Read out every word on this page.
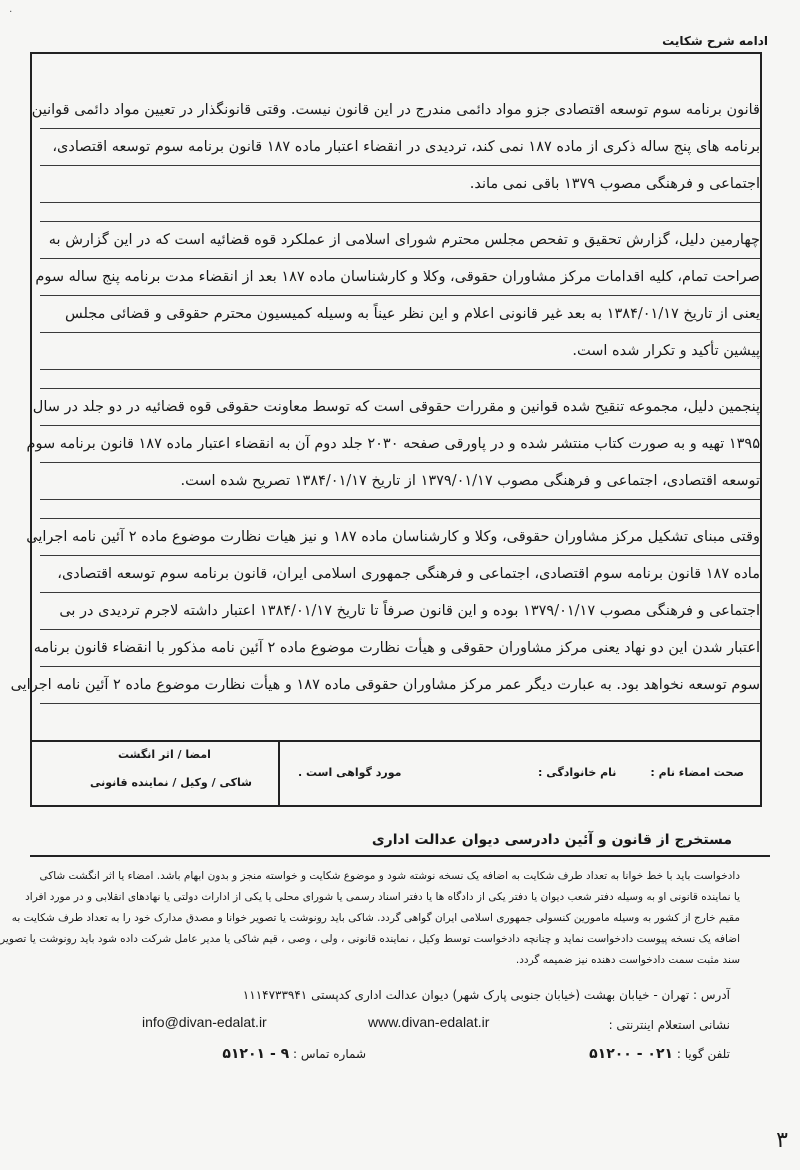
۰
ادامه شرح شکایت
قانون برنامه سوم توسعه اقتصادی جزو مواد دائمی مندرج در این قانون نیست. وقتی قانونگذار در تعیین مواد دائمی قوانین
برنامه های پنج ساله ذکری از ماده ۱۸۷ نمی کند، تردیدی در انقضاء اعتبار ماده ۱۸۷ قانون برنامه سوم توسعه اقتصادی،
اجتماعی و فرهنگی مصوب ۱۳۷۹ باقی نمی ماند.
چهارمین دلیل، گزارش تحقیق و تفحص مجلس محترم شورای اسلامی از عملکرد قوه قضائیه است که در این گزارش به
صراحت تمام، کلیه اقدامات مرکز مشاوران حقوقی، وکلا و کارشناسان ماده ۱۸۷ بعد از انقضاء مدت برنامه پنج ساله سوم
یعنی از تاریخ ۱۳۸۴/۰۱/۱۷ به بعد غیر قانونی اعلام و این نظر عیناً به وسیله کمیسیون محترم حقوقی و قضائی مجلس
پیشین تأکید و تکرار شده است.
پنجمین دلیل، مجموعه تنقیح شده قوانین و مقررات حقوقی است که توسط معاونت حقوقی قوه قضائیه در دو جلد در سال
۱۳۹۵ تهیه و به صورت کتاب منتشر شده و در پاورقی صفحه ۲۰۳۰ جلد دوم آن به انقضاء اعتبار ماده ۱۸۷ قانون برنامه سوم
توسعه اقتصادی، اجتماعی و فرهنگی مصوب ۱۳۷۹/۰۱/۱۷ از تاریخ ۱۳۸۴/۰۱/۱۷ تصریح شده است.
وقتی مبنای تشکیل مرکز مشاوران حقوقی، وکلا و کارشناسان ماده ۱۸۷ و نیز هیات نظارت موضوع ماده ۲ آئین نامه اجرایی
ماده ۱۸۷ قانون برنامه سوم اقتصادی، اجتماعی و فرهنگی جمهوری اسلامی ایران، قانون برنامه سوم توسعه اقتصادی،
اجتماعی و فرهنگی مصوب ۱۳۷۹/۰۱/۱۷ بوده و این قانون صرفاً تا تاریخ ۱۳۸۴/۰۱/۱۷ اعتبار داشته لاجرم تردیدی در بی
اعتبار شدن این دو نهاد یعنی مرکز مشاوران حقوقی و هیأت نظارت موضوع ماده ۲ آئین نامه مذکور با انقضاء قانون برنامه
سوم توسعه نخواهد بود. به عبارت دیگر عمر مرکز مشاوران حقوقی ماده ۱۸۷ و هیأت نظارت موضوع ماده ۲ آئین نامه اجرایی
امضا / اثر انگشت
شاکی / وکیل / نماینده قانونی
مورد گواهی است .	نام خانوادگی :	صحت امضاء نام :
مستخرج از قانون و آئین دادرسی دیوان عدالت اداری
دادخواست باید با خط خوانا به تعداد طرف شکایت به اضافه یک نسخه نوشته شود و موضوع شکایت و خواسته منجز و بدون ابهام باشد. امضاء یا اثر انگشت شاکی
یا نماینده قانونی او به وسیله دفتر شعب دیوان یا دفتر یکی از دادگاه ها یا دفتر اسناد رسمی یا شورای محلی یا یکی از ادارات دولتی یا نهادهای انقلابی و در مورد افراد
مقیم خارج از کشور به وسیله مامورین کنسولی جمهوری اسلامی ایران گواهی گردد. شاکی باید رونوشت یا تصویر خوانا و مصدق مدارک خود را به تعداد طرف شکایت به
اضافه یک نسخه پیوست دادخواست نماید و چنانچه دادخواست توسط وکیل ، نماینده قانونی ، ولی ، وصی ، قیم شاکی یا مدیر عامل شرکت داده شود باید رونوشت یا تصویر
سند مثبت سمت دادخواست دهنده نیز ضمیمه گردد.
آدرس : تهران - خیابان بهشت (خیابان جنوبی پارک شهر) دیوان عدالت اداری کدپستی ۱۱۱۴۷۳۳۹۴۱
نشانی استعلام اینترنتی :
www.divan-edalat.ir
info@divan-edalat.ir
تلفن گویا : ۰۲۱ - ۵۱۲۰۰
شماره تماس : ۹ - ۵۱۲۰۱
۳
